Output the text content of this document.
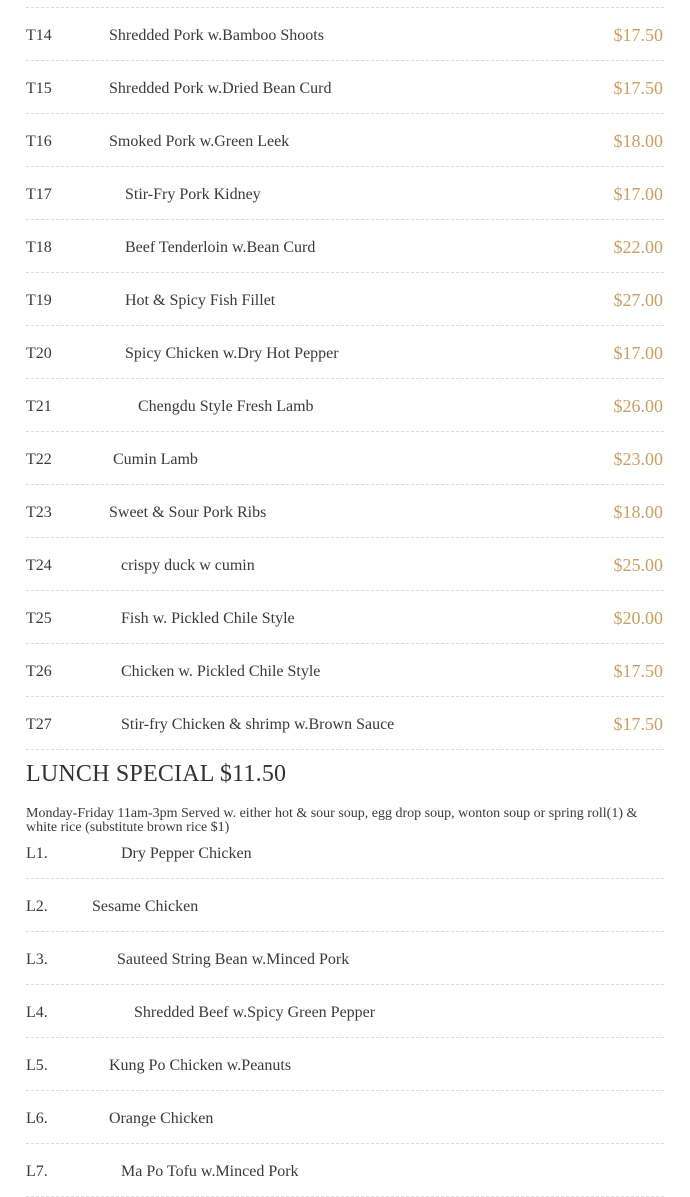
T14	Shredded Pork w.Bamboo Shoots	$17.50
T15	Shredded Pork w.Dried Bean Curd	$17.50
T16	Smoked Pork w.Green Leek	$18.00
T17	Stir-Fry Pork Kidney	$17.00
T18	Beef Tenderloin w.Bean Curd	$22.00
T19	Hot & Spicy Fish Fillet	$27.00
T20	Spicy Chicken w.Dry Hot Pepper	$17.00
T21	Chengdu Style Fresh Lamb	$26.00
T22	Cumin Lamb	$23.00
T23	Sweet & Sour Pork Ribs	$18.00
T24	crispy duck w cumin	$25.00
T25	Fish w. Pickled Chile Style	$20.00
T26	Chicken w. Pickled Chile Style	$17.50
T27	Stir-fry Chicken & shrimp w.Brown Sauce	$17.50
LUNCH SPECIAL $11.50
Monday-Friday 11am-3pm Served w. either hot & sour soup, egg drop soup, wonton soup or spring roll(1) & white rice (substitute brown rice $1)
L1.	Dry Pepper Chicken
L2.	Sesame Chicken
L3.	Sauteed String Bean w.Minced Pork
L4.	Shredded Beef w.Spicy Green Pepper
L5.	Kung Po Chicken w.Peanuts
L6.	Orange Chicken
L7.	Ma Po Tofu w.Minced Pork
